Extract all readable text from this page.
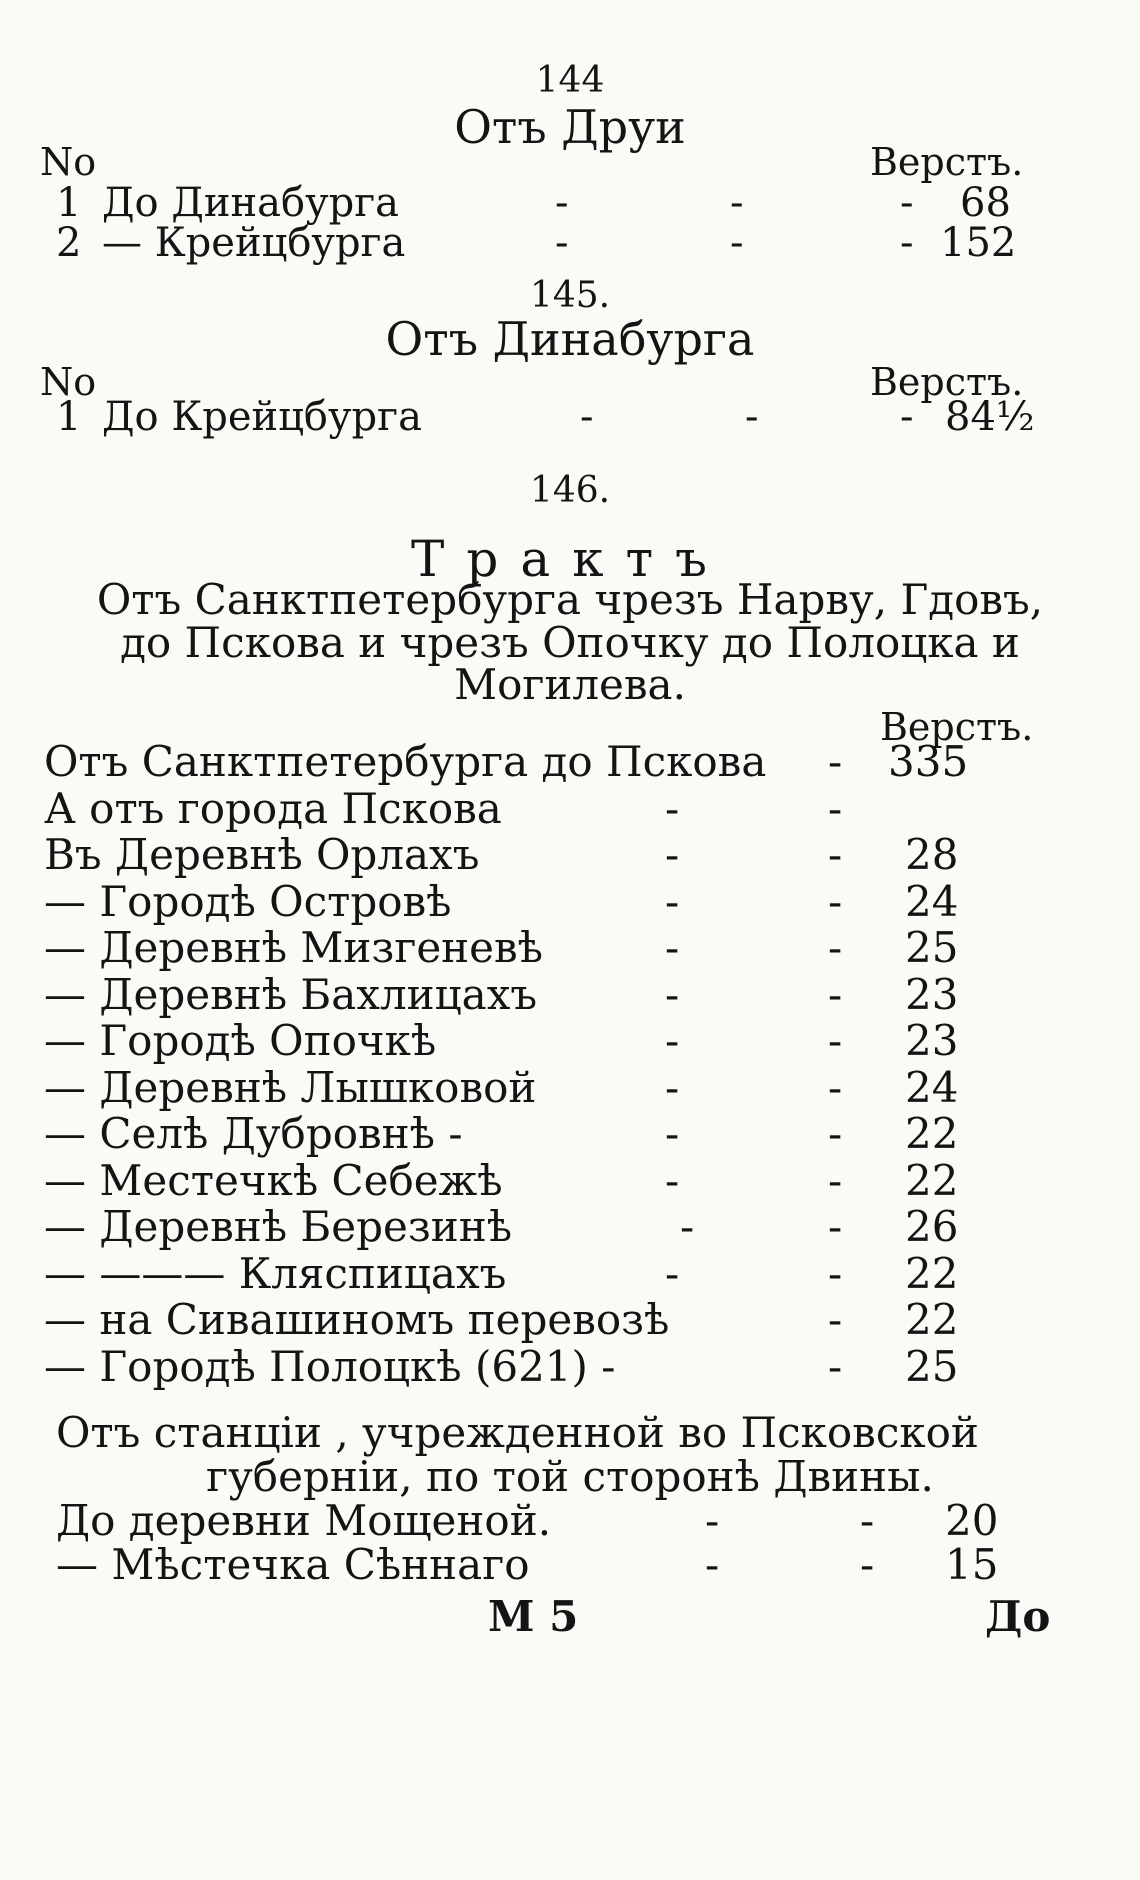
144
Отъ Друи
No	Верстъ.
1 До Динабурга	-	-	- 68
2 — Крейцбурга	-	-	- 152
145.
Отъ Динабурга
No	Верстъ.
1 До Крейцбурга	-	-	- 84½
146.
Трактъ
Отъ Санктпетербурга чрезъ Нарву, Гдовъ,
до Пскова и чрезъ Опочку до Полоцка и
Могилева.
Верстъ.
Отъ Санктпетербурга до Пскова - 335
А отъ города Пскова	-	-
Въ Деревнѣ Орлахъ	-	- 28
— Городѣ Островѣ	-	- 24
— Деревнѣ Мизгеневѣ	-	- 25
— Деревнѣ Бахлицахъ	-	- 23
— Городѣ Опочкѣ	-	- 23
— Деревнѣ Лышковой	-	- 24
— Селѣ Дубровнѣ -	-	- 22
— Местечкѣ Себежѣ	-	- 22
— Деревнѣ Березинѣ	-	- 26
— ——— Кляспицахъ	-	- 22
— на Сивашиномъ перевозѣ	- 22
— Городѣ Полоцкѣ (621) -	- 25
Отъ станціи , учрежденной во Псковской
губерніи, по той сторонѣ Двины.
До деревни Мощеной.	-	- 20
— Мѣстечка Сѣннаго	-	- 15
М 5	До
